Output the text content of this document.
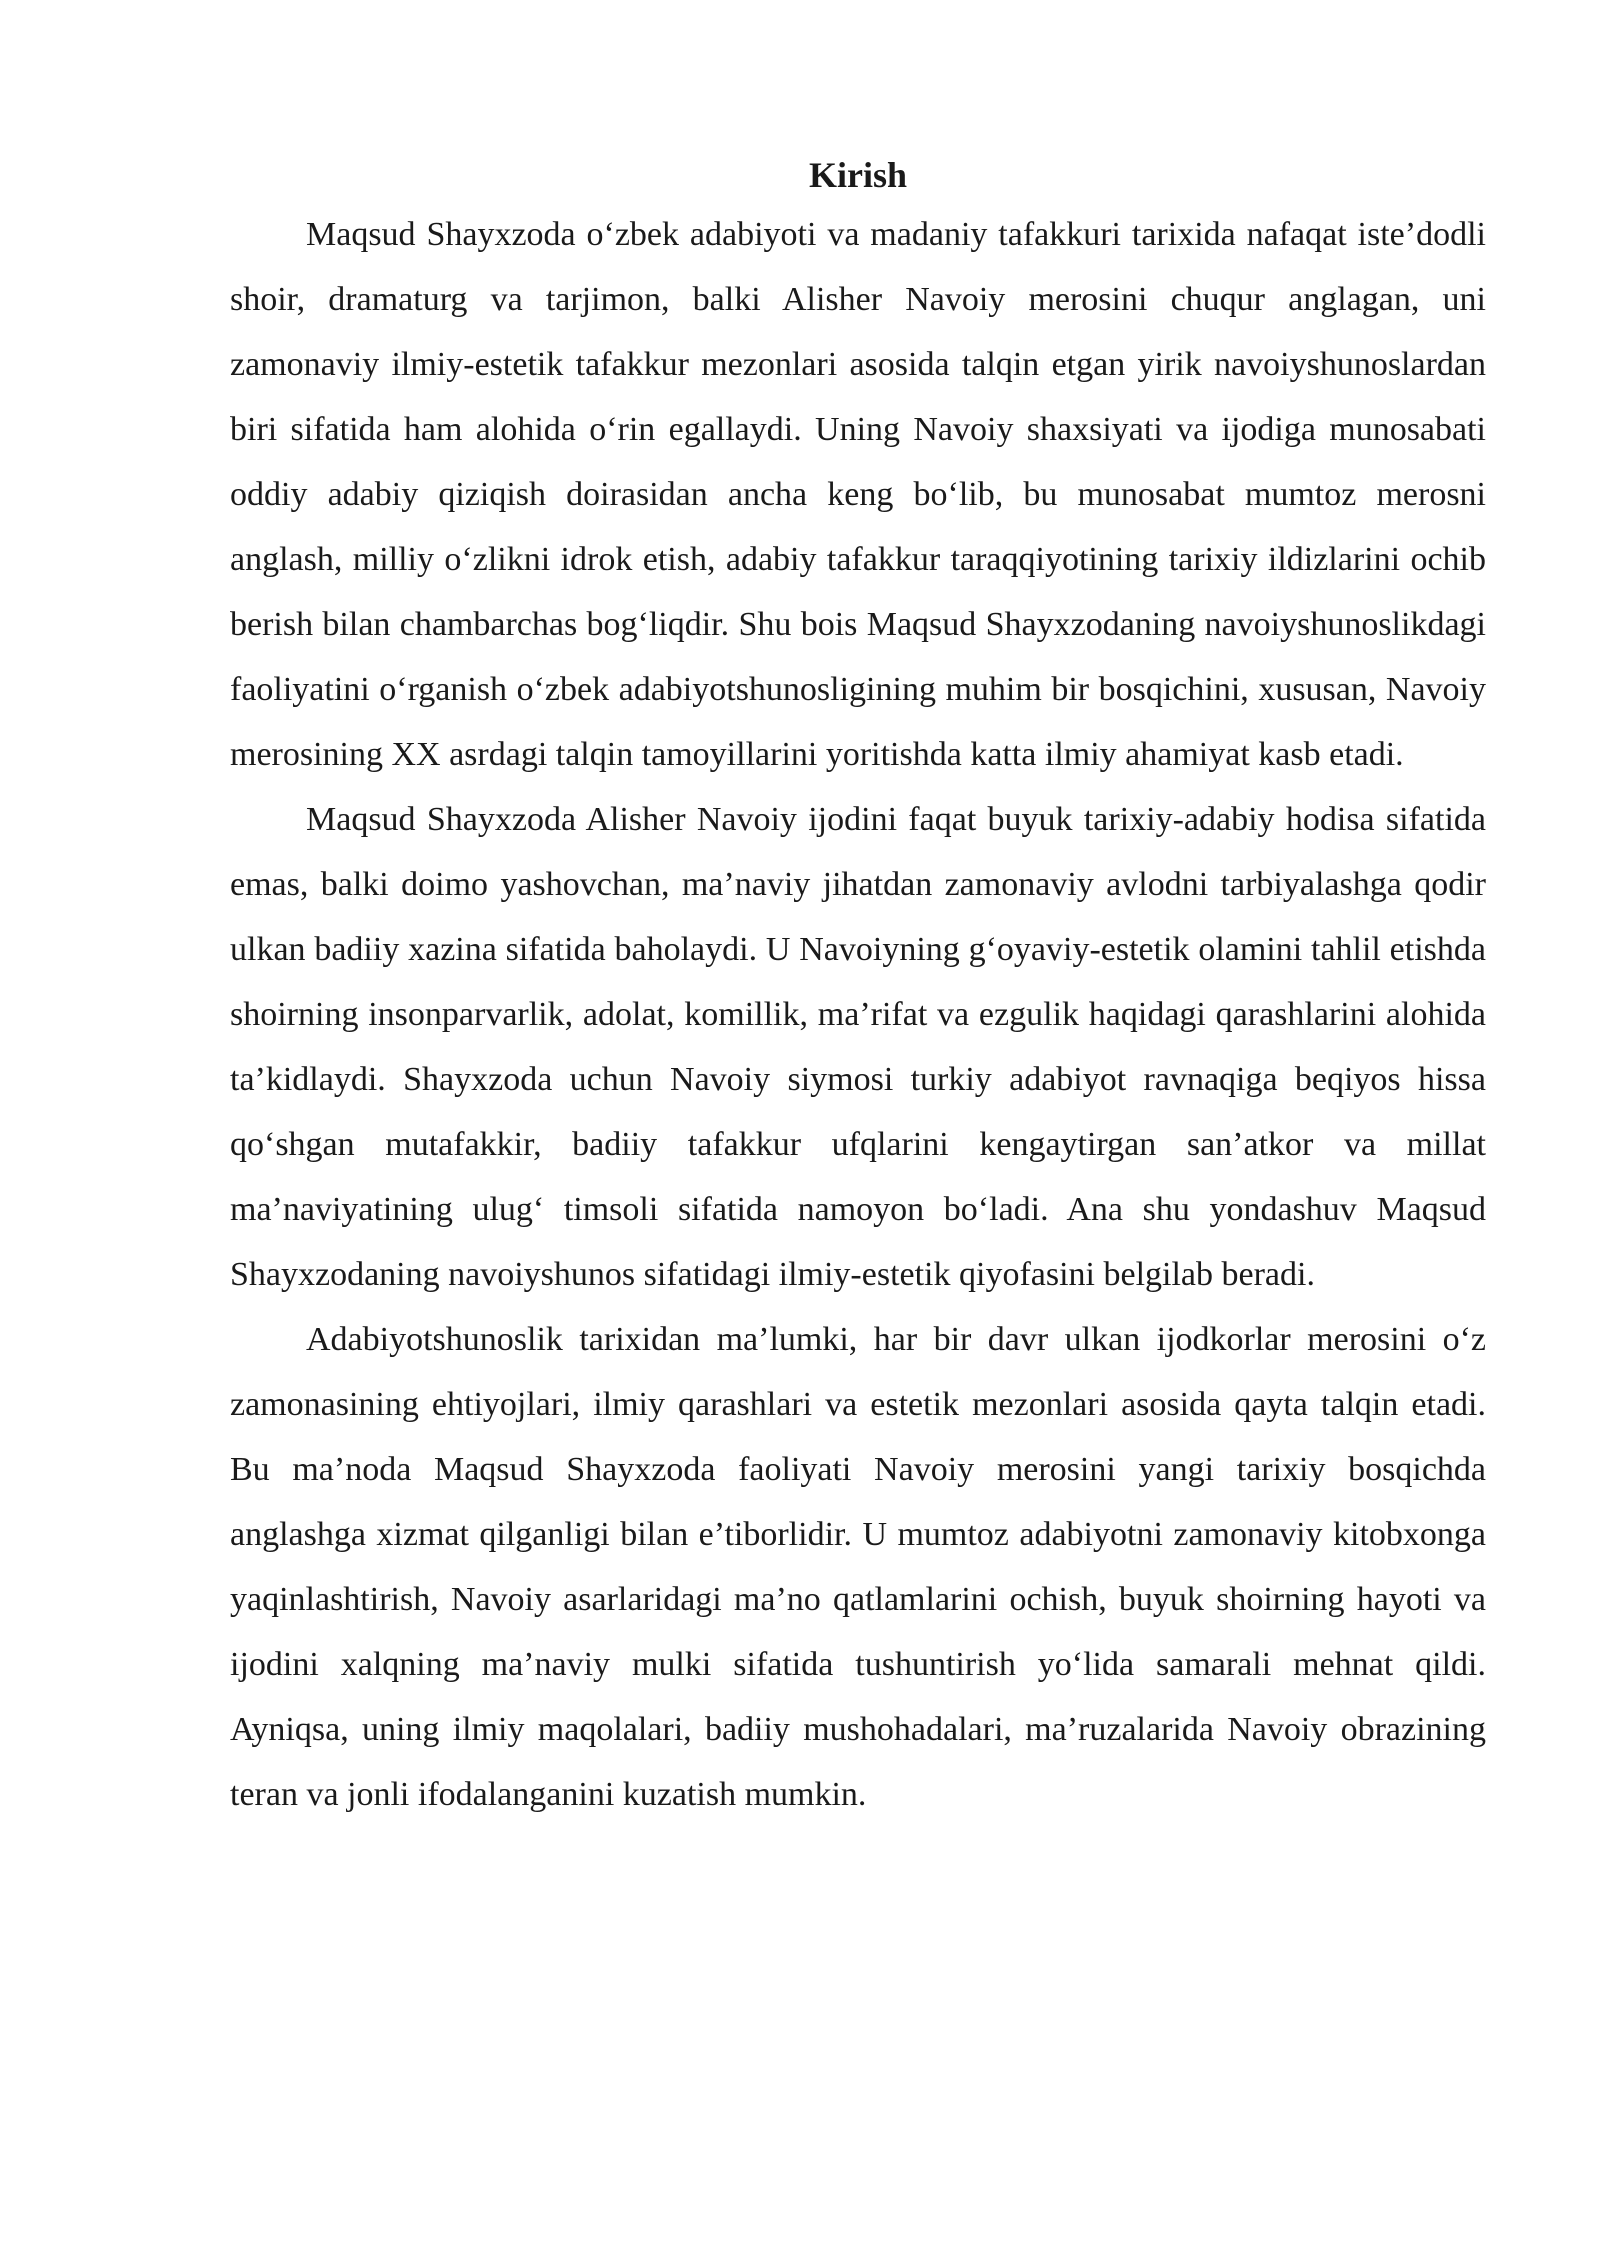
Kirish

Maqsud Shayxzoda o‘zbek adabiyoti va madaniy tafakkuri tarixida nafaqat iste’dodli shoir, dramaturg va tarjimon, balki Alisher Navoiy merosini chuqur anglagan, uni zamonaviy ilmiy-estetik tafakkur mezonlari asosida talqin etgan yirik navoiyshunoslardan biri sifatida ham alohida o‘rin egallaydi. Uning Navoiy shaxsiyati va ijodiga munosabati oddiy adabiy qiziqish doirasidan ancha keng bo‘lib, bu munosabat mumtoz merosni anglash, milliy o‘zlikni idrok etish, adabiy tafakkur taraqqiyotining tarixiy ildizlarini ochib berish bilan chambarchas bog‘liqdir. Shu bois Maqsud Shayxzodaning navoiyshunoslikdagi faoliyatini o‘rganish o‘zbek adabiyotshunosligining muhim bir bosqichini, xususan, Navoiy merosining XX asrdagi talqin tamoyillarini yoritishda katta ilmiy ahamiyat kasb etadi.

Maqsud Shayxzoda Alisher Navoiy ijodini faqat buyuk tarixiy-adabiy hodisa sifatida emas, balki doimo yashovchan, ma’naviy jihatdan zamonaviy avlodni tarbiyalashga qodir ulkan badiiy xazina sifatida baholaydi. U Navoiyning g‘oyaviy-estetik olamini tahlil etishda shoirning insonparvarlik, adolat, komillik, ma’rifat va ezgulik haqidagi qarashlarini alohida ta’kidlaydi. Shayxzoda uchun Navoiy siymosi turkiy adabiyot ravnaqiga beqiyos hissa qo‘shgan mutafakkir, badiiy tafakkur ufqlarini kengaytirgan san’atkor va millat ma’naviyatining ulug‘ timsoli sifatida namoyon bo‘ladi. Ana shu yondashuv Maqsud Shayxzodaning navoiyshunos sifatidagi ilmiy-estetik qiyofasini belgilab beradi.

Adabiyotshunoslik tarixidan ma’lumki, har bir davr ulkan ijodkorlar merosini o‘z zamonasining ehtiyojlari, ilmiy qarashlari va estetik mezonlari asosida qayta talqin etadi. Bu ma’noda Maqsud Shayxzoda faoliyati Navoiy merosini yangi tarixiy bosqichda anglashga xizmat qilganligi bilan e’tiborlidir. U mumtoz adabiyotni zamonaviy kitobxonga yaqinlashtirish, Navoiy asarlaridagi ma’no qatlamlarini ochish, buyuk shoirning hayoti va ijodini xalqning ma’naviy mulki sifatida tushuntirish yo‘lida samarali mehnat qildi. Ayniqsa, uning ilmiy maqolalari, badiiy mushohadalari, ma’ruzalarida Navoiy obrazining teran va jonli ifodalanganini kuzatish mumkin.
